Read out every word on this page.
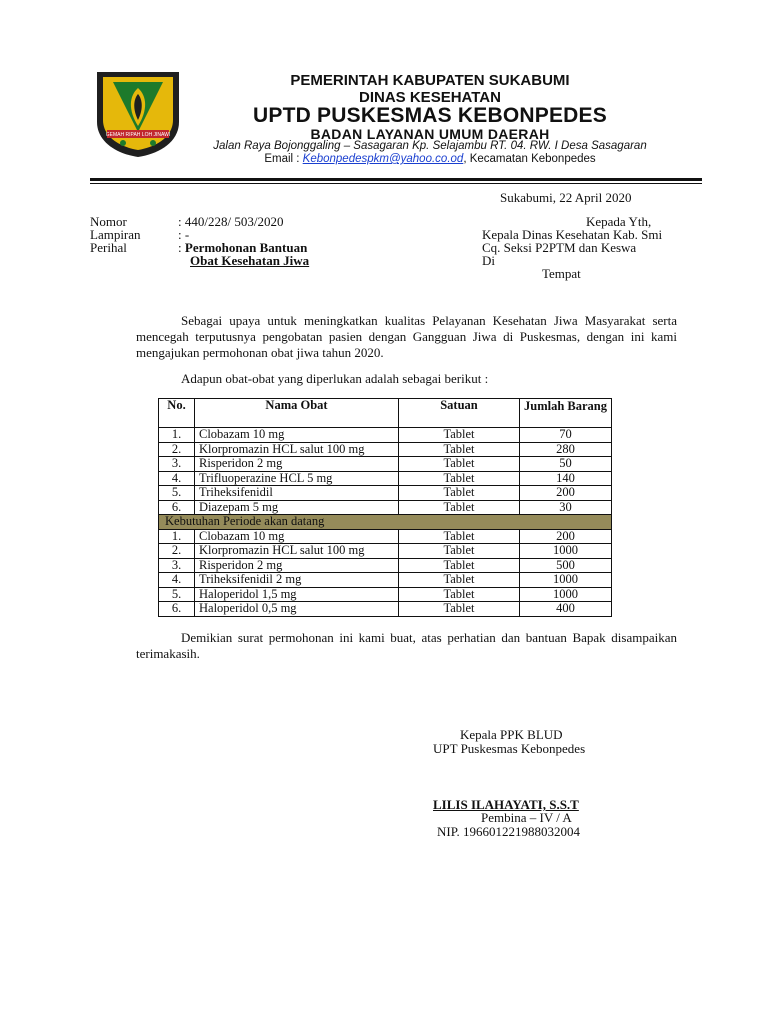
GEMAH RIPAH LOH JINAWI
PEMERINTAH KABUPATEN SUKABUMI
DINAS KESEHATAN
UPTD PUSKESMAS KEBONPEDES
BADAN LAYANAN UMUM DAERAH
Jalan Raya Bojonggaling – Sasagaran Kp. Selajambu RT. 04. RW. I Desa Sasagaran
Email : Kebonpedespkm@yahoo.co.od, Kecamatan Kebonpedes
Sukabumi, 22 April 2020
Nomor	: 440/228/ 503/2020
Lampiran	: -
Perihal	: Permohonan Bantuan
Obat Kesehatan Jiwa
Kepada Yth,
Kepala Dinas Kesehatan Kab. Smi
Cq. Seksi P2PTM dan Keswa
Di
Tempat
Sebagai upaya untuk meningkatkan kualitas Pelayanan Kesehatan Jiwa Masyarakat serta mencegah terputusnya pengobatan pasien dengan Gangguan Jiwa di Puskesmas, dengan ini kami mengajukan permohonan obat jiwa tahun 2020.
Adapun obat-obat yang diperlukan adalah sebagai berikut :
No.	Nama Obat	Satuan	Jumlah Barang
1.	Clobazam 10 mg	Tablet	70
2.	Klorpromazin HCL salut 100 mg	Tablet	280
3.	Risperidon 2 mg	Tablet	50
4.	Trifluoperazine HCL 5 mg	Tablet	140
5.	Triheksifenidil	Tablet	200
6.	Diazepam 5 mg	Tablet	30
Kebutuhan Periode akan datang			
1.	Clobazam 10 mg	Tablet	200
2.	Klorpromazin HCL salut 100 mg	Tablet	1000
3.	Risperidon 2 mg	Tablet	500
4.	Triheksifenidil 2 mg	Tablet	1000
5.	Haloperidol 1,5 mg	Tablet	1000
6.	Haloperidol 0,5 mg	Tablet	400
Demikian surat permohonan ini kami buat, atas perhatian dan bantuan Bapak disampaikan terimakasih.
Kepala PPK BLUD
UPT Puskesmas Kebonpedes
LILIS ILAHAYATI, S.S.T
Pembina – IV / A
NIP. 196601221988032004
